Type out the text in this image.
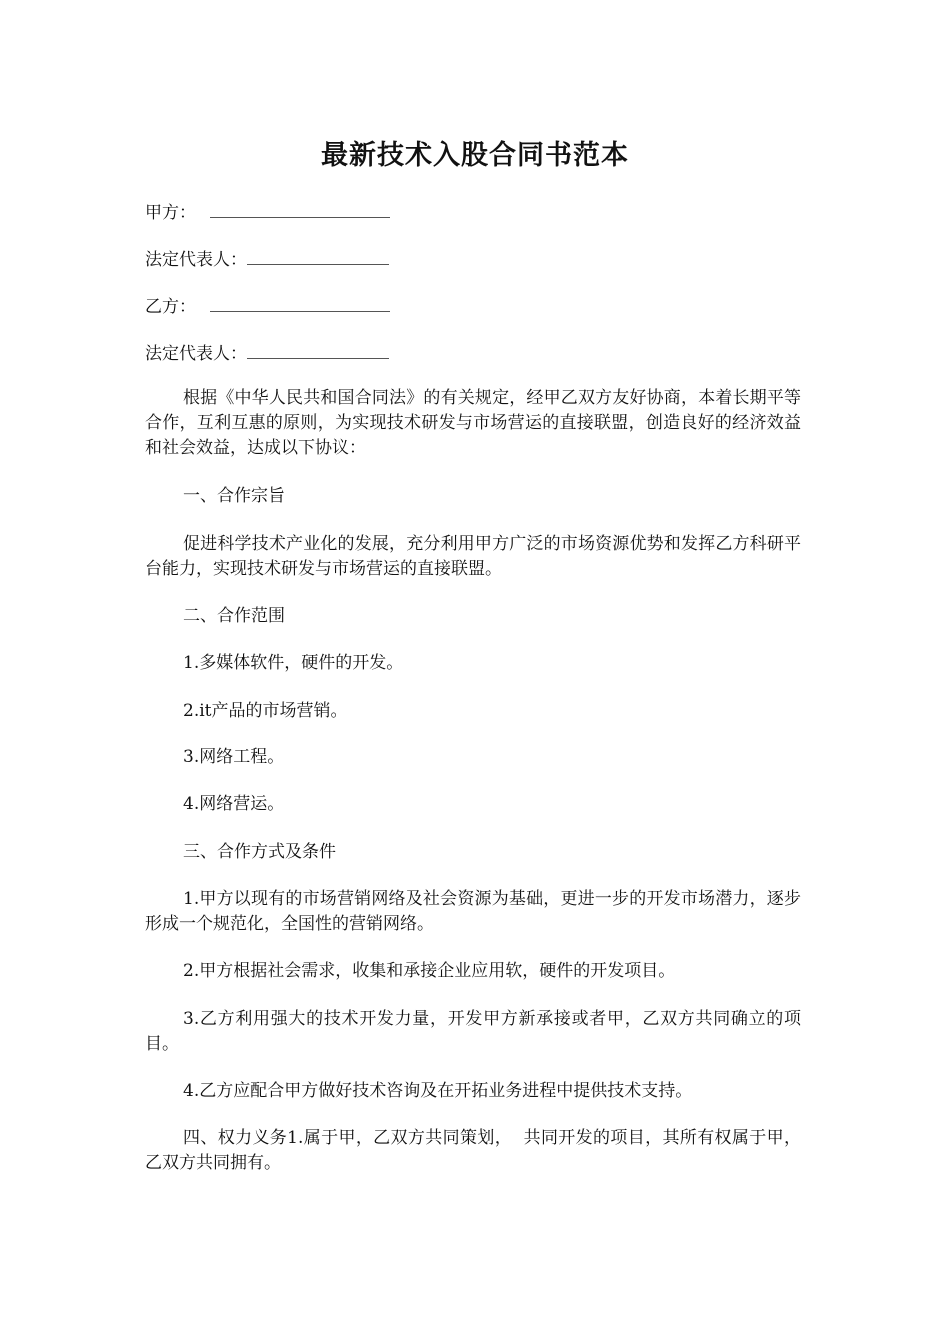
最新技术入股合同书范本
甲方：
法定代表人：
乙方：
法定代表人：
根据《中华人民共和国合同法》的有关规定，经甲乙双方友好协商，本着长期平等合作，互利互惠的原则，为实现技术研发与市场营运的直接联盟，创造良好的经济效益和社会效益，达成以下协议：
一、合作宗旨
促进科学技术产业化的发展，充分利用甲方广泛的市场资源优势和发挥乙方科研平台能力，实现技术研发与市场营运的直接联盟。
二、合作范围
1.多媒体软件，硬件的开发。
2.it产品的市场营销。
3.网络工程。
4.网络营运。
三、合作方式及条件
1.甲方以现有的市场营销网络及社会资源为基础，更进一步的开发市场潜力，逐步形成一个规范化，全国性的营销网络。
2.甲方根据社会需求，收集和承接企业应用软，硬件的开发项目。
3.乙方利用强大的技术开发力量，开发甲方新承接或者甲，乙双方共同确立的项目。
4.乙方应配合甲方做好技术咨询及在开拓业务进程中提供技术支持。
四、权力义务1.属于甲，乙双方共同策划，  共同开发的项目，其所有权属于甲，乙双方共同拥有。
